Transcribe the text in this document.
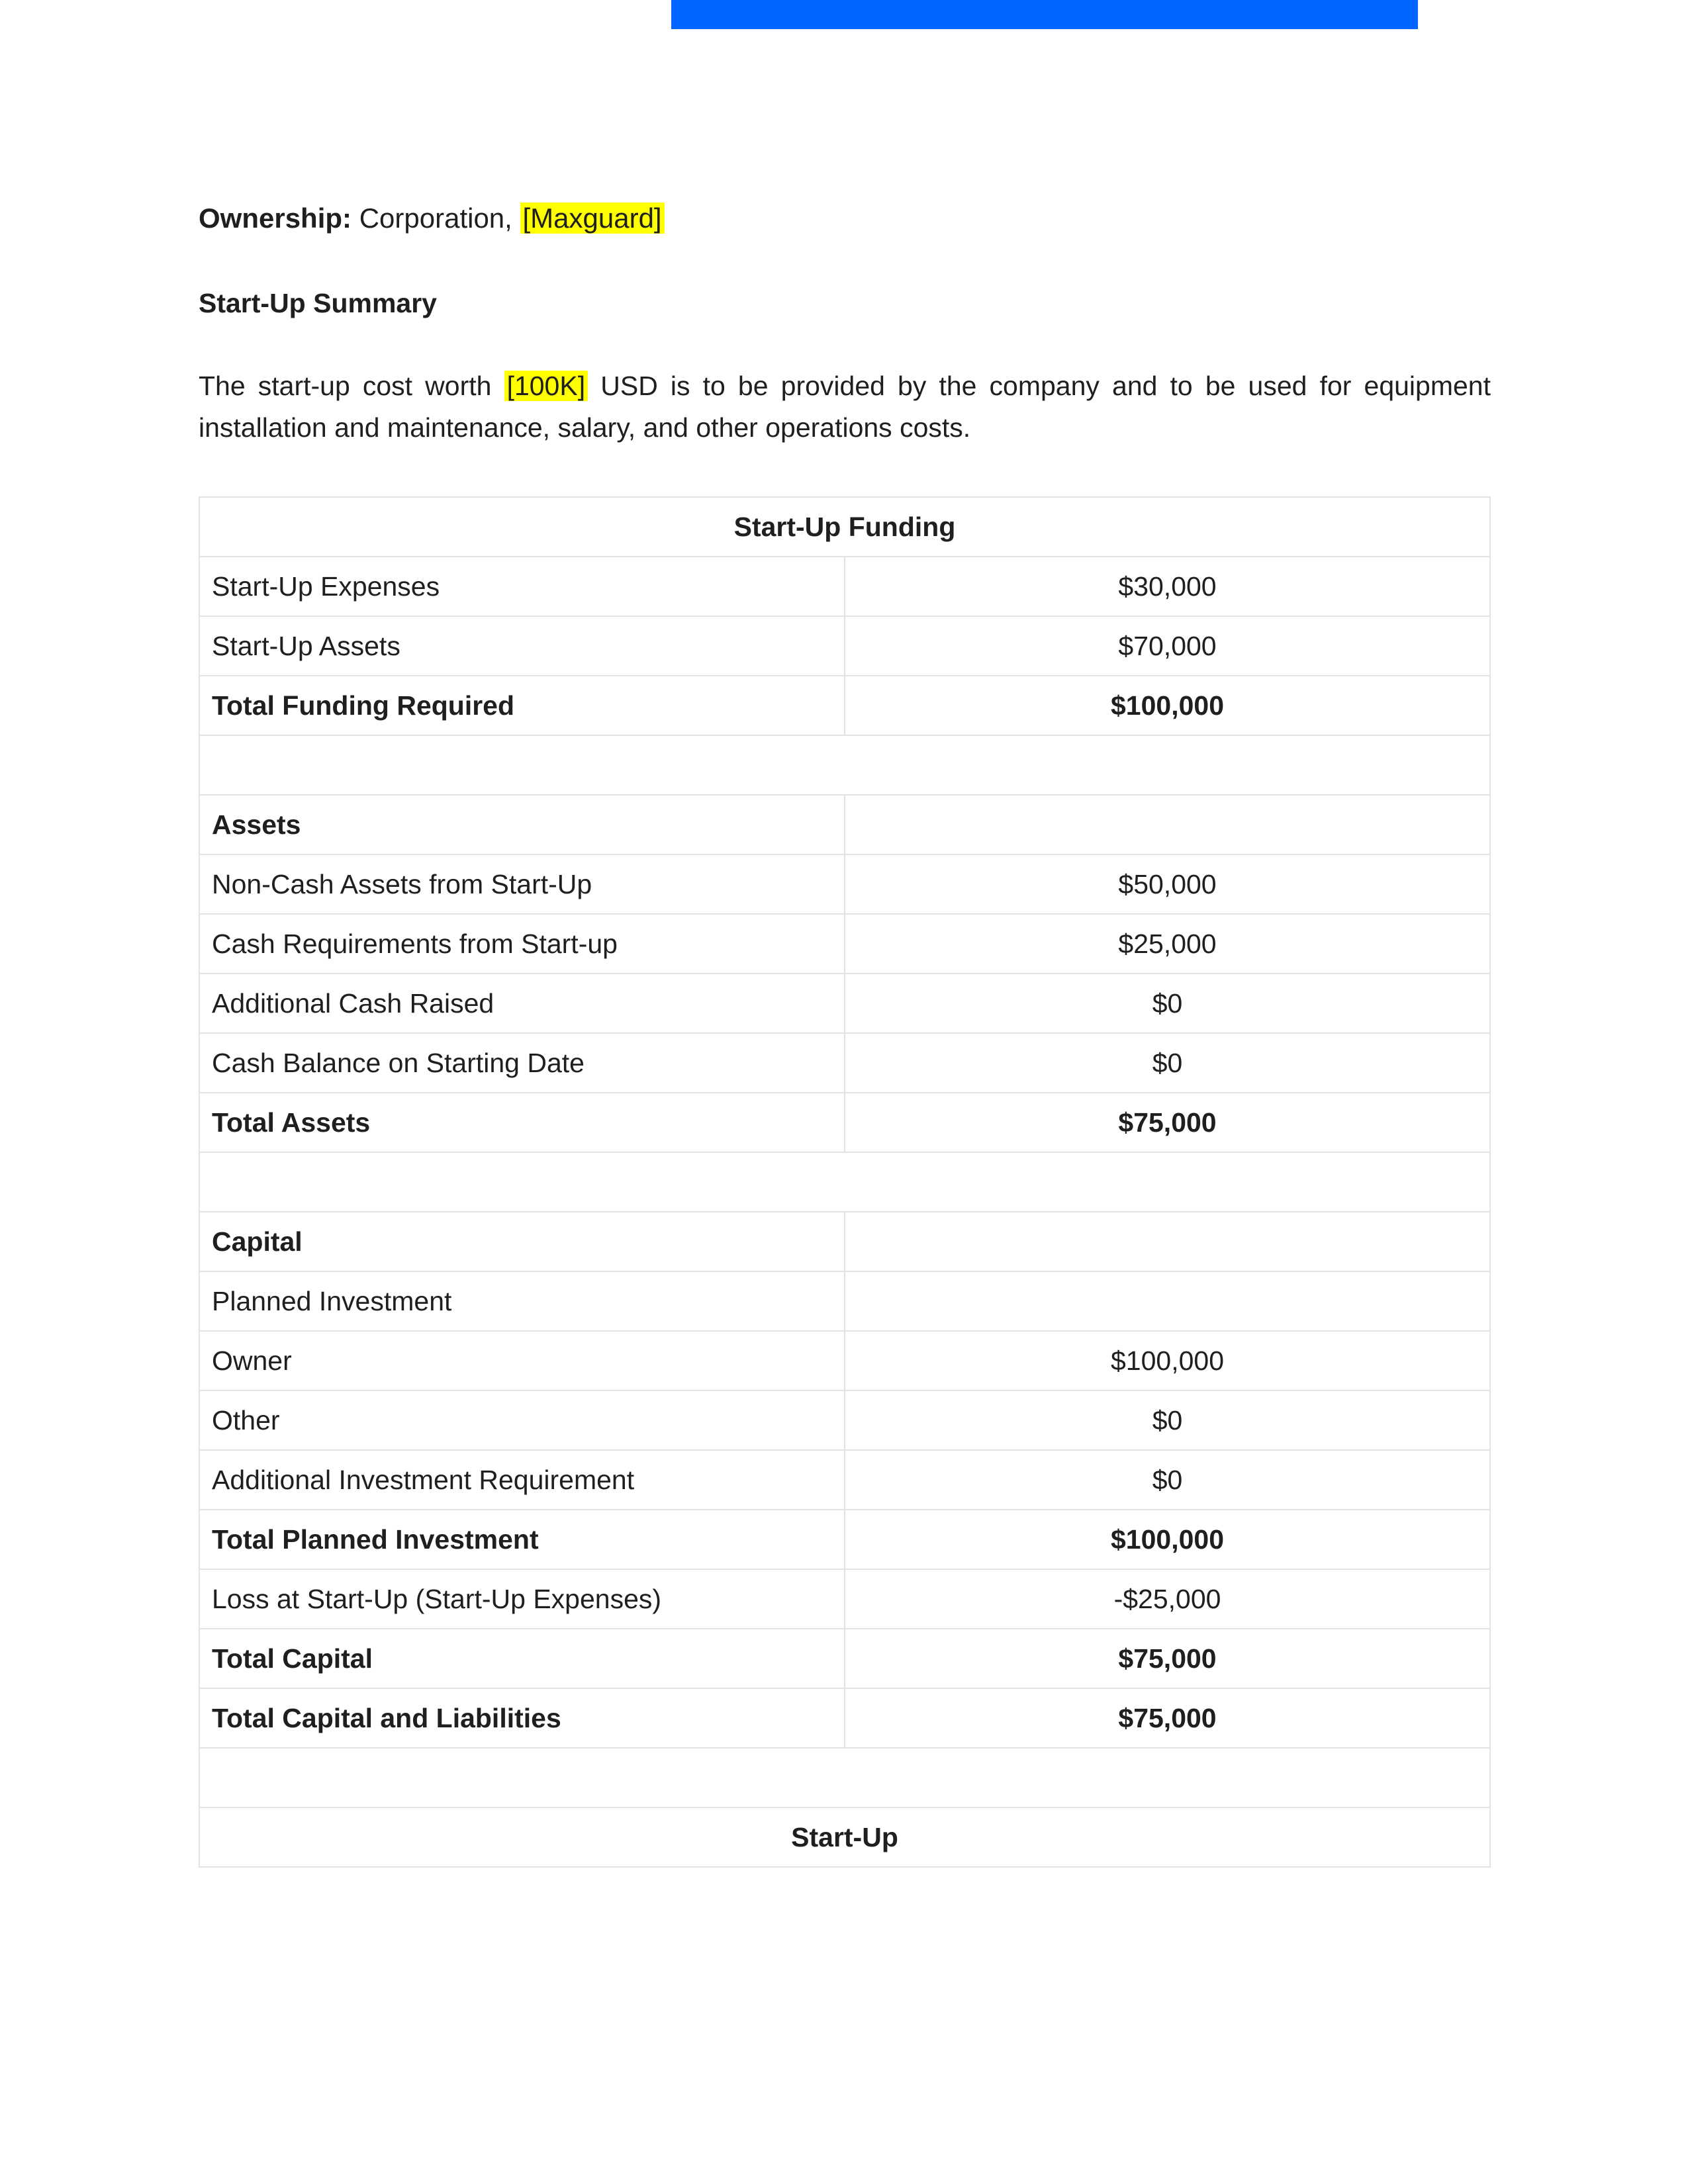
Ownership: Corporation, [Maxguard]

Start-Up Summary

The start-up cost worth [100K] USD is to be provided by the company and to be used for equipment installation and maintenance, salary, and other operations costs.

Start-Up Funding	
Start-Up Expenses	$30,000
Start-Up Assets	$70,000
Total Funding Required	$100,000

Assets	
Non-Cash Assets from Start-Up	$50,000
Cash Requirements from Start-up	$25,000
Additional Cash Raised	$0
Cash Balance on Starting Date	$0
Total Assets	$75,000

Capital	
Planned Investment	
Owner	$100,000
Other	$0
Additional Investment Requirement	$0
Total Planned Investment	$100,000
Loss at Start-Up (Start-Up Expenses)	-$25,000
Total Capital	$75,000
Total Capital and Liabilities	$75,000

Start-Up	
